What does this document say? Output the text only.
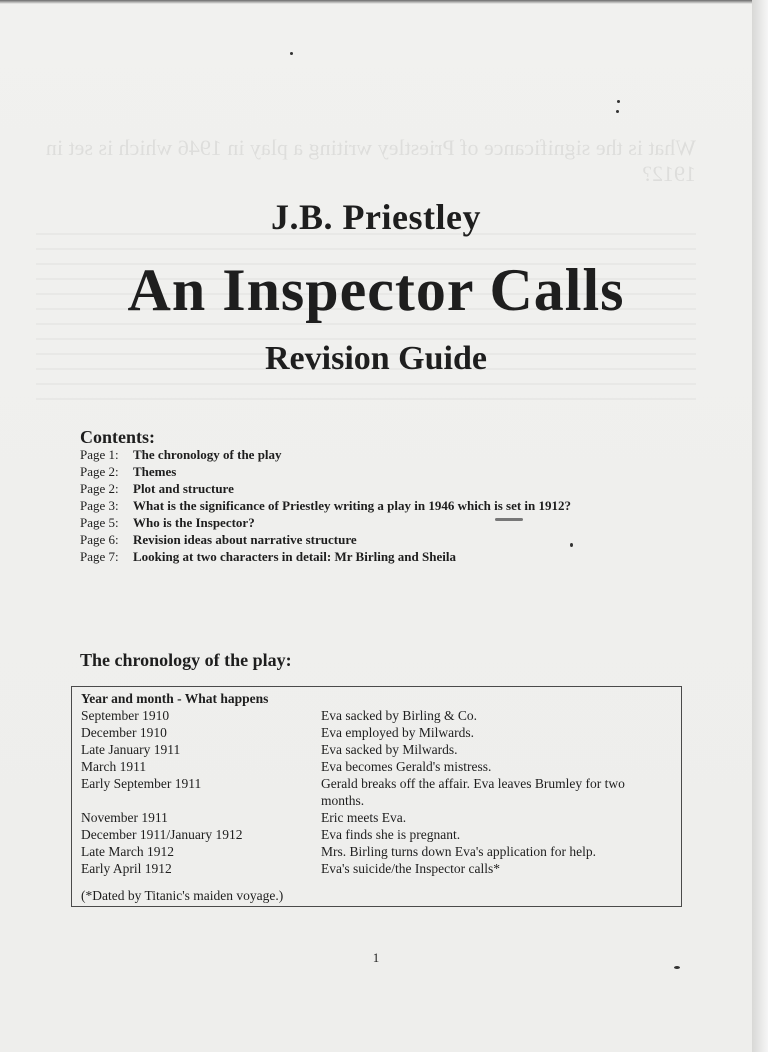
What is the significance of Priestley writing a play in 1946 which is set in 1912?
J.B. Priestley
An Inspector Calls
Revision Guide
Contents:
Page 1:	The chronology of the play
Page 2:	Themes
Page 2:	Plot and structure
Page 3:	What is the significance of Priestley writing a play in 1946 which is set in 1912?
Page 5:	Who is the Inspector?
Page 6:	Revision ideas about narrative structure
Page 7:	Looking at two characters in detail: Mr Birling and Sheila
The chronology of the play:
Year and month - What happens
September 1910	Eva sacked by Birling & Co.
December 1910	Eva employed by Milwards.
Late January 1911	Eva sacked by Milwards.
March 1911	Eva becomes Gerald's mistress.
Early September 1911	Gerald breaks off the affair. Eva leaves Brumley for two months.
November 1911	Eric meets Eva.
December 1911/January 1912	Eva finds she is pregnant.
Late March 1912	Mrs. Birling turns down Eva's application for help.
Early April 1912	Eva's suicide/the Inspector calls*
(*Dated by Titanic's maiden voyage.)
1
